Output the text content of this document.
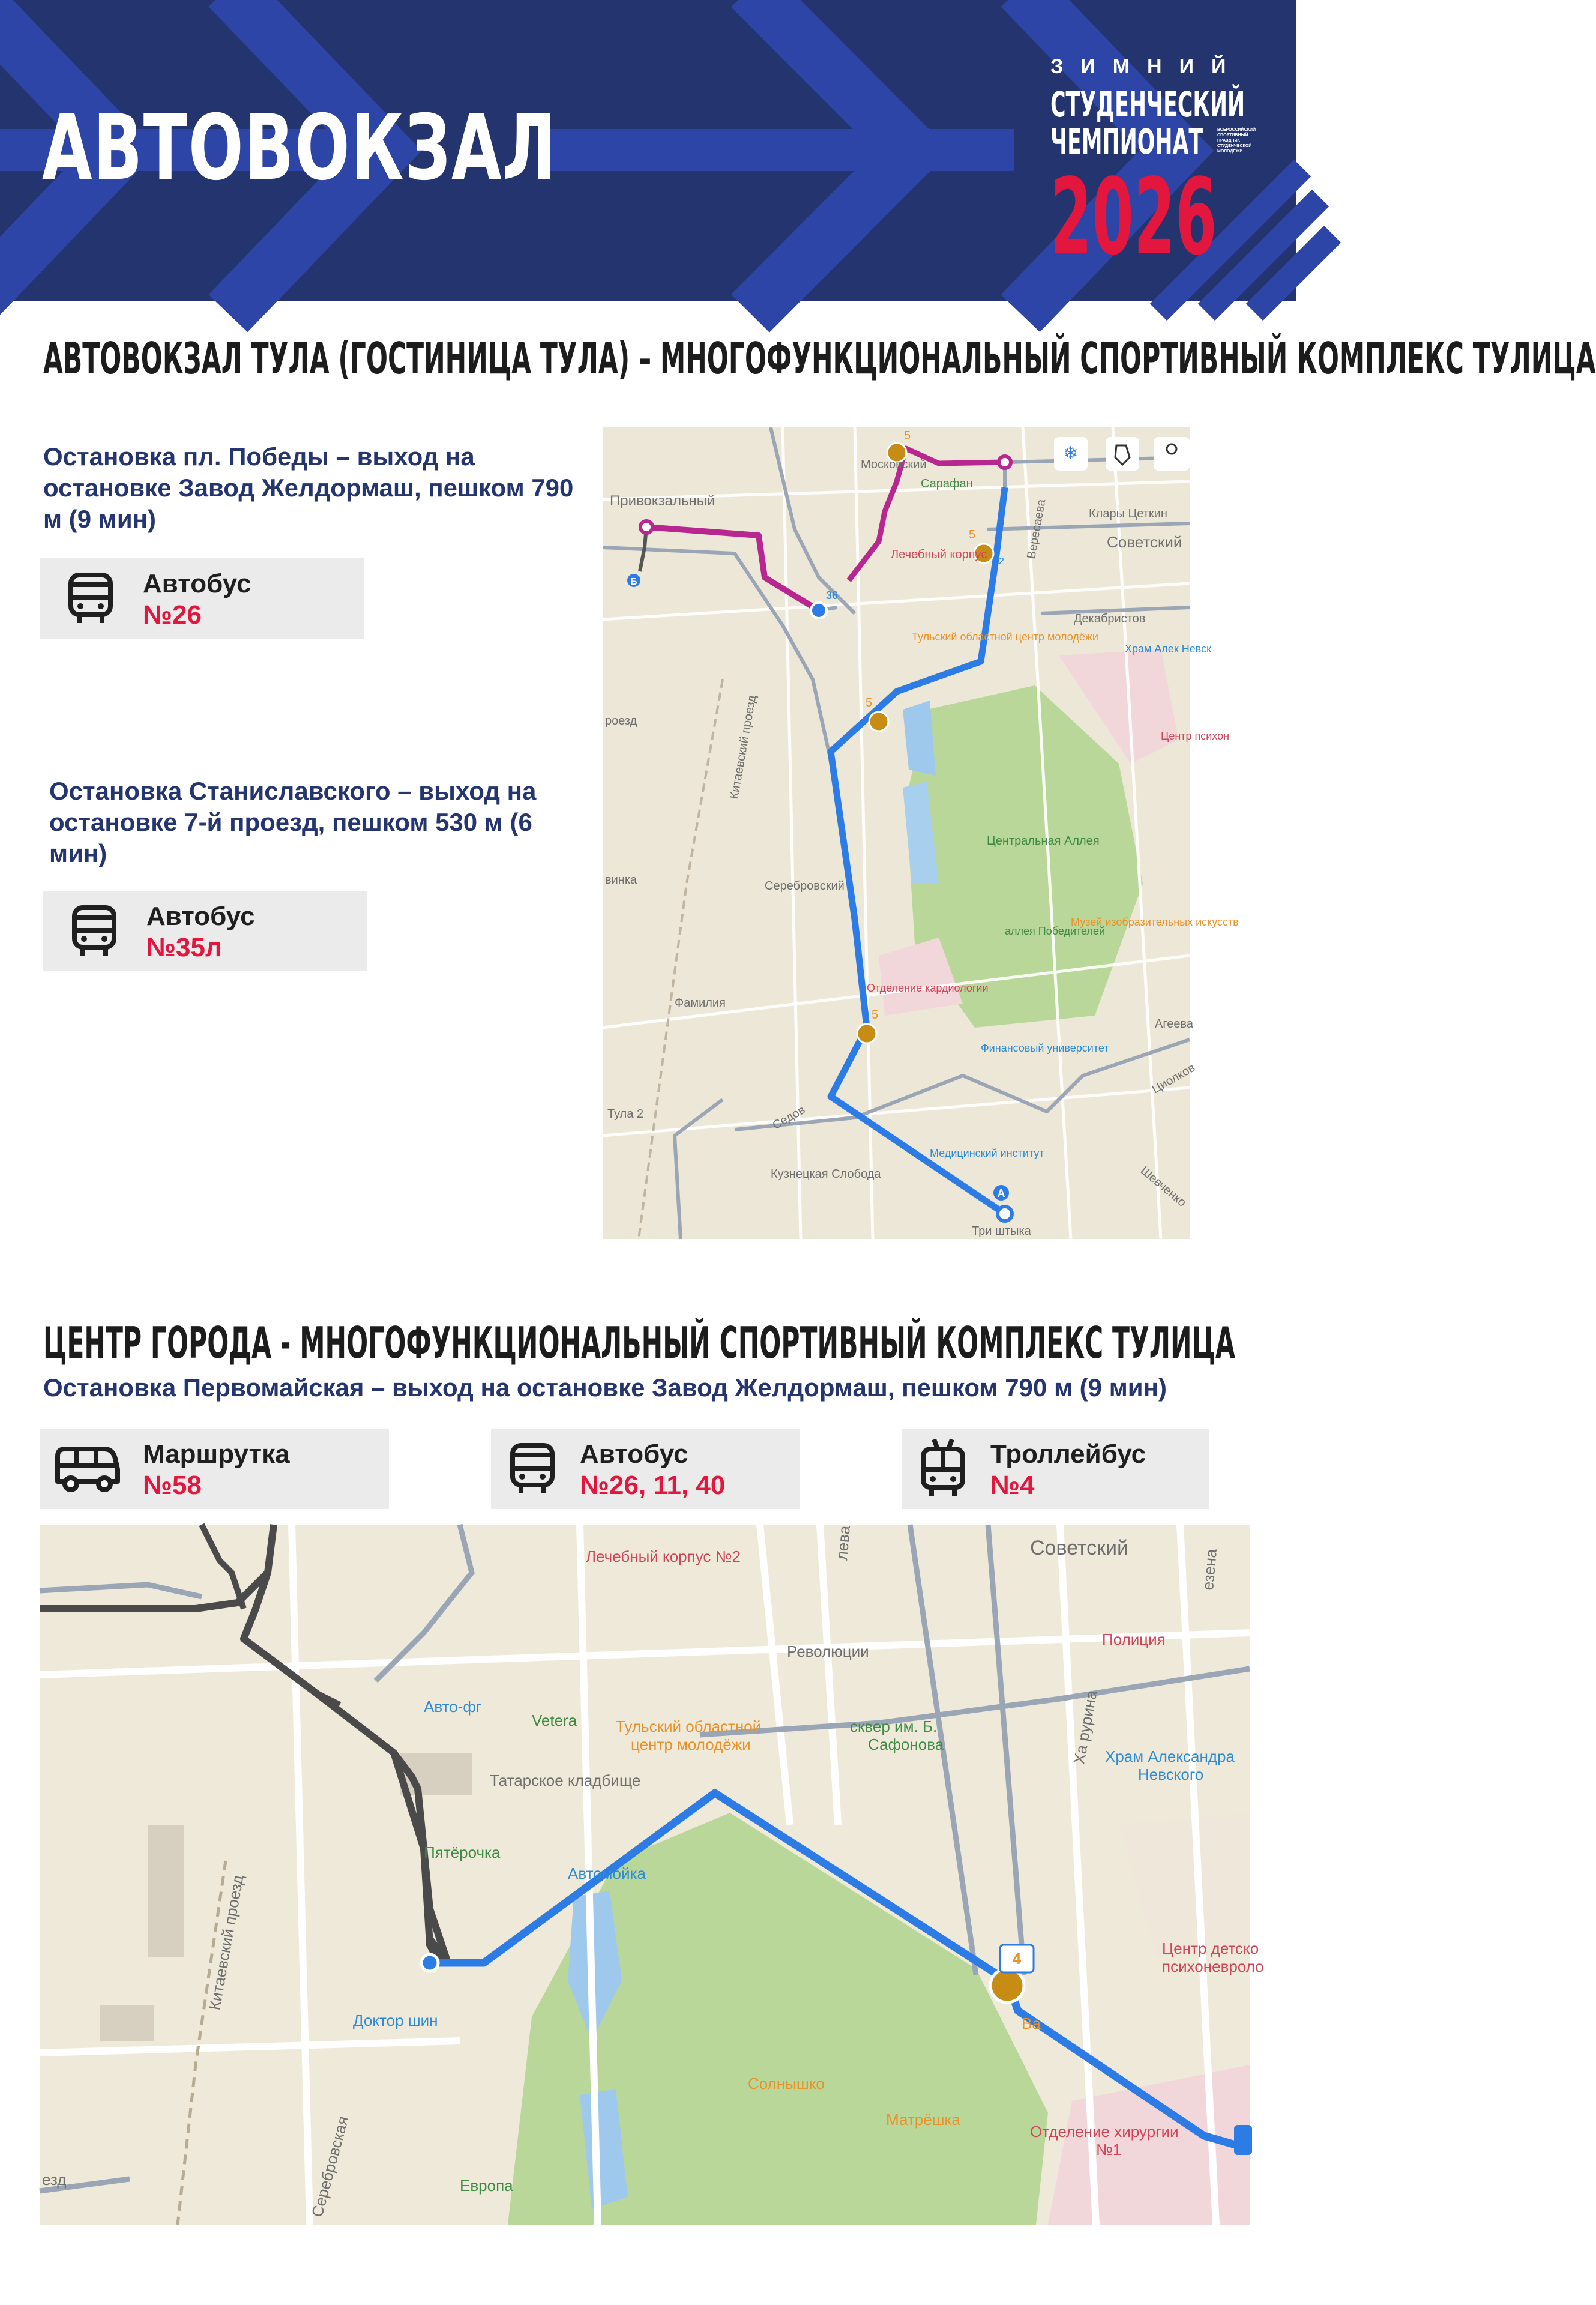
АВТОВОКЗАЛ
ЗИМНИЙ
СТУДЕНЧЕСКИЙ
ЧЕМПИОНАТ	ВСЕРОССИЙСКИЙ СПОРТИВНЫЙ ПРАЗДНИК СТУДЕНЧЕСКОЙ МОЛОДЁЖИ
2026
АВТОВОКЗАЛ ТУЛА (ГОСТИНИЦА ТУЛА) – МНОГОФУНКЦИОНАЛЬНЫЙ СПОРТИВНЫЙ КОМПЛЕКС ТУЛИЦА
Остановка пл. Победы – выход на остановке Завод Желдормаш, пешком 790 м (9 мин)
Автобус
№26
Остановка Станиславского – выход на остановке 7-й проезд, пешком 530 м (6 мин)
Автобус
№35л
А
Б
5
5
5
5
36
2
❄
Привокзальный
Московский
Сарафан
Лечебный корпус
Клары Цеткин
Советский
Вересаева
Декабристов
Храм Алек Невск
Тульский областной центр молодёжи
Китаевский проезд	Центр психон
роезд
Центральная Аллея
Серебровский
винка
Музей изобразительных искусств
аллея Победителей
Отделение кардиологии
Фамилия
Финансовый университет
Агеева
Циолков
Тула 2	Седов
Медицинский институт
Кузнецкая Слобода	Шевченко
Три штыка
ЦЕНТР ГОРОДА - МНОГОФУНКЦИОНАЛЬНЫЙ СПОРТИВНЫЙ КОМПЛЕКС ТУЛИЦА
Остановка Первомайская – выход на остановке Завод Желдормаш, пешком 790 м (9 мин)
Маршрутка
№58
Автобус
№26, 11, 40
Троллейбус
№4
4
Лечебный корпус №2	Советский
езена
лева
Революции
Полиция
Авто-фг
Vetera Тульский областной
центр молодёжи
сквер им. Б.
Сафонова	Ха рурина Храм Александра
Невского
Татарское кладбище
Пятёрочка
Автомойка
Китаевский проезд	Центр детско
психоневроло
Доктор шин	Ва
Солнышко
Матрёшка
Отделение хирургии
№1
Серебровская	Европа
езд
